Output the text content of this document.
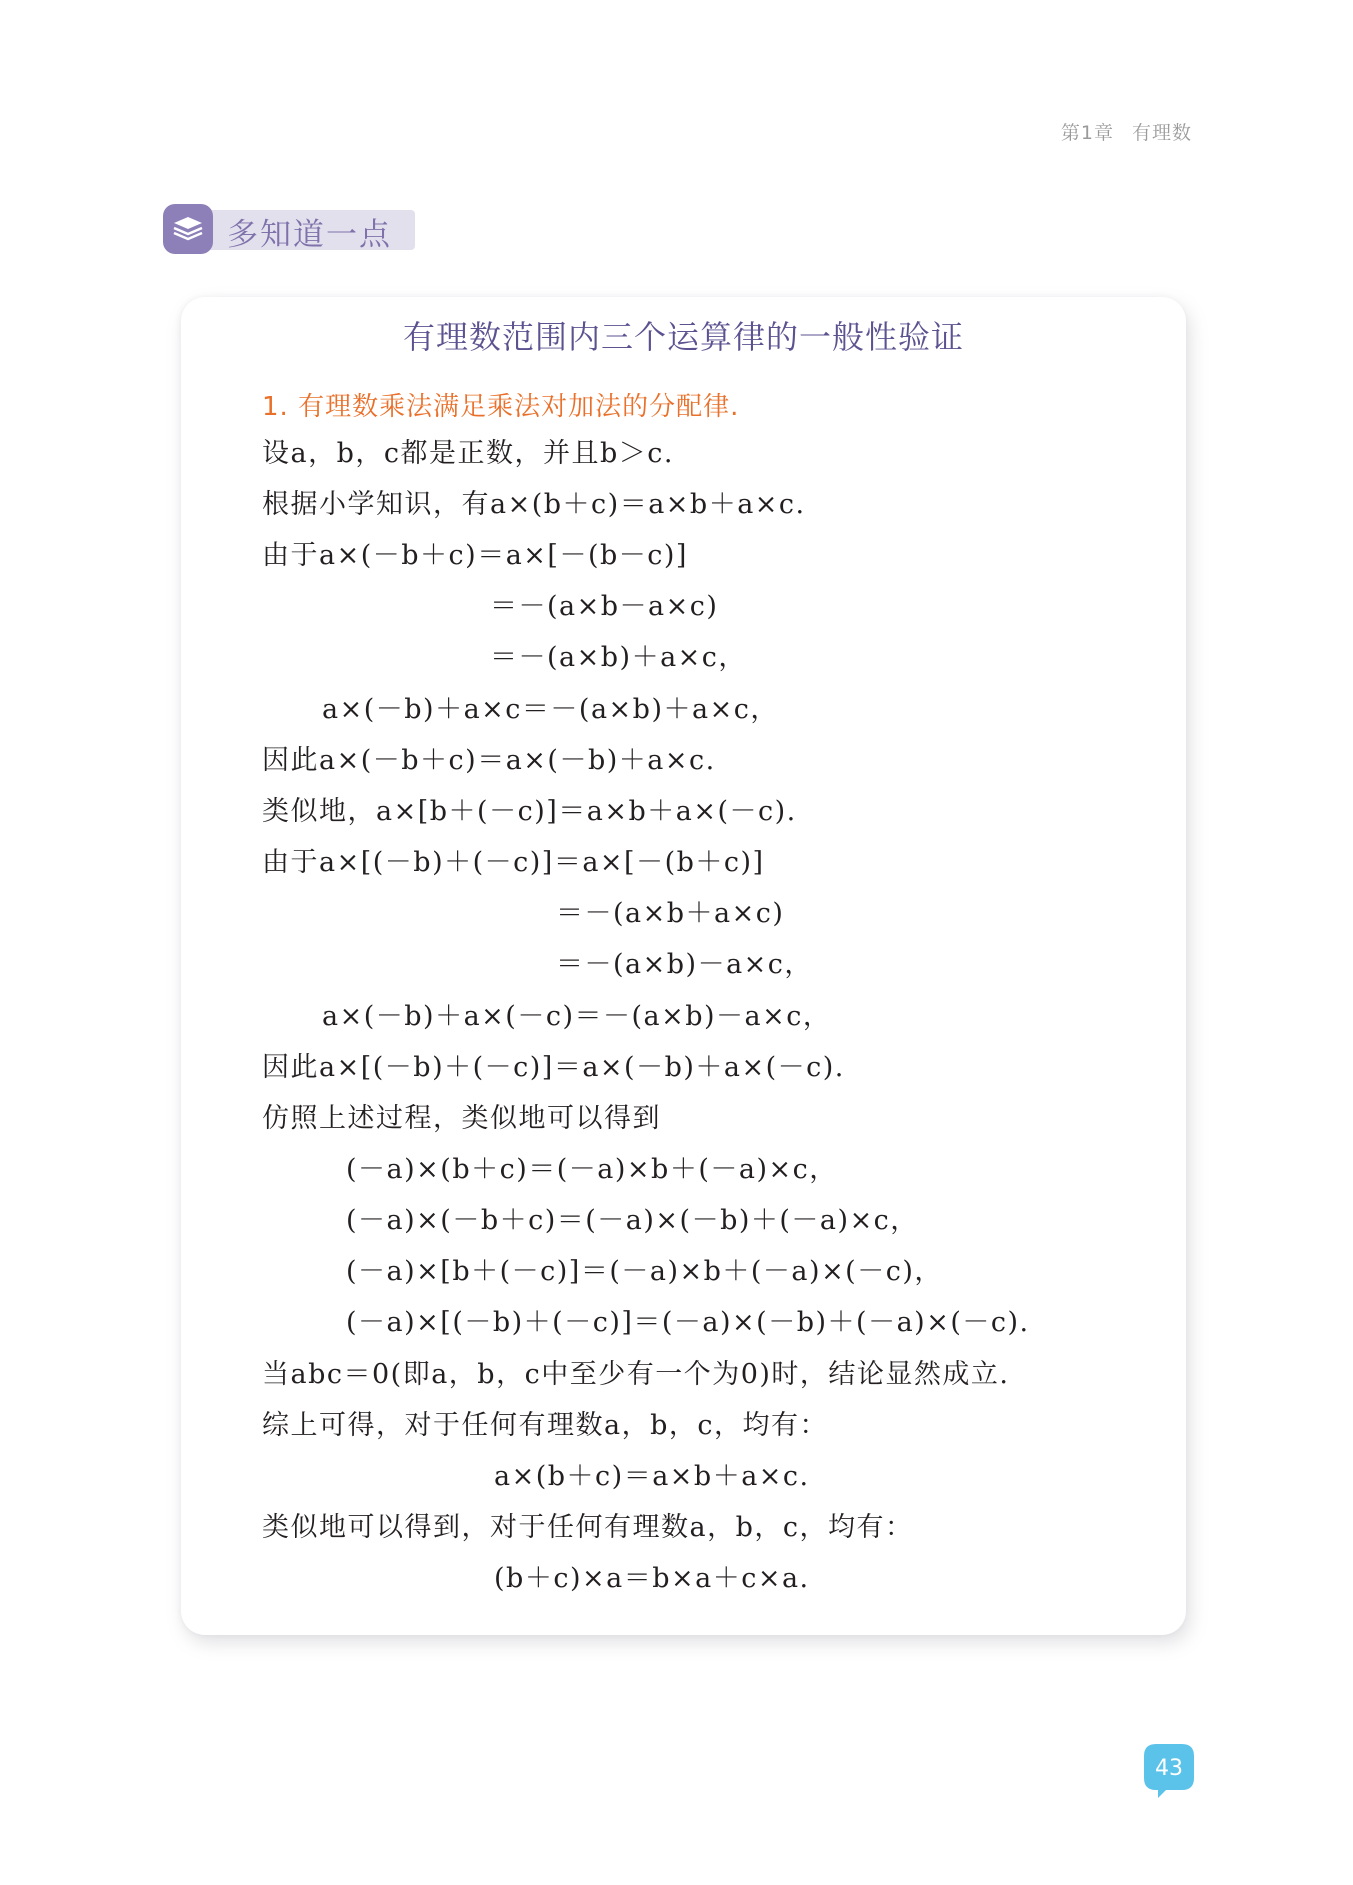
第1章 有理数
多知道一点
有理数范围内三个运算律的一般性验证
1. 有理数乘法满足乘法对加法的分配律.
设a，b，c都是正数，并且b＞c.
根据小学知识，有a×(b＋c)＝a×b＋a×c.
由于a×(－b＋c)＝a×[－(b－c)]
＝－(a×b－a×c)
＝－(a×b)＋a×c，
a×(－b)＋a×c＝－(a×b)＋a×c，
因此a×(－b＋c)＝a×(－b)＋a×c.
类似地，a×[b＋(－c)]＝a×b＋a×(－c).
由于a×[(－b)＋(－c)]＝a×[－(b＋c)]
＝－(a×b＋a×c)
＝－(a×b)－a×c，
a×(－b)＋a×(－c)＝－(a×b)－a×c，
因此a×[(－b)＋(－c)]＝a×(－b)＋a×(－c).
仿照上述过程，类似地可以得到
(－a)×(b＋c)＝(－a)×b＋(－a)×c，
(－a)×(－b＋c)＝(－a)×(－b)＋(－a)×c，
(－a)×[b＋(－c)]＝(－a)×b＋(－a)×(－c)，
(－a)×[(－b)＋(－c)]＝(－a)×(－b)＋(－a)×(－c).
当abc＝0(即a，b，c中至少有一个为0)时，结论显然成立.
综上可得，对于任何有理数a，b，c，均有：
a×(b＋c)＝a×b＋a×c.
类似地可以得到，对于任何有理数a，b，c，均有：
(b＋c)×a＝b×a＋c×a.
43
